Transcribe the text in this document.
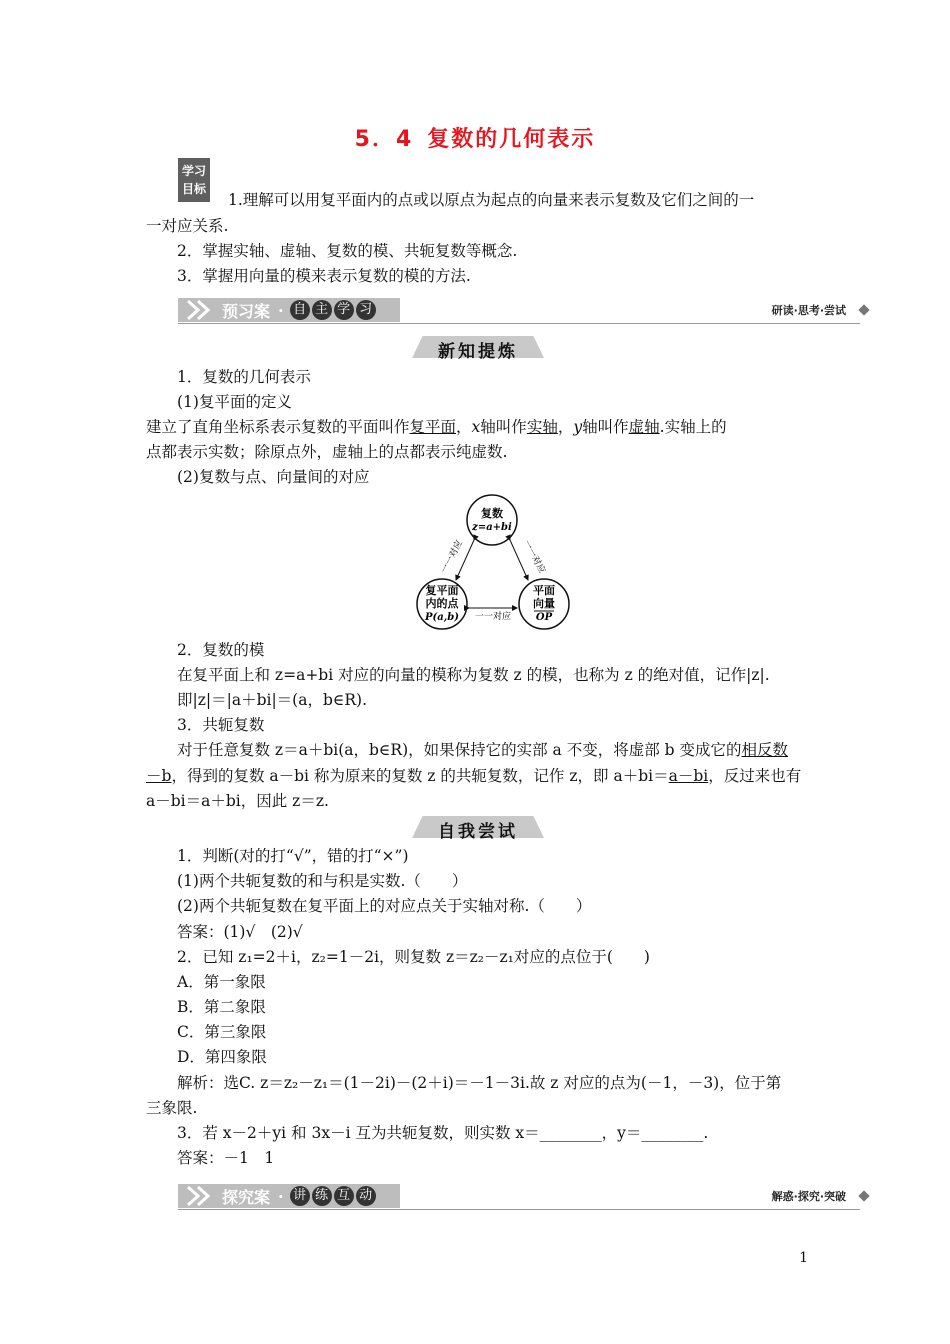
5．4 复数的几何表示
学习
目标
1.理解可以用复平面内的点或以原点为起点的向量来表示复数及它们之间的一
一对应关系.
2．掌握实轴、虚轴、复数的模、共轭复数等概念.
3．掌握用向量的模来表示复数的模的方法.
预习案 · 自 主 学 习	研读·思考·尝试
新知提炼
1．复数的几何表示
(1)复平面的定义
建立了直角坐标系表示复数的平面叫作复平面，x轴叫作实轴，y轴叫作虚轴.实轴上的
点都表示实数；除原点外，虚轴上的点都表示纯虚数.
(2)复数与点、向量间的对应
复数
z=a+bi
复平面
内的点
P(a,b)
平面
向量
OP
一一对应	一一对应
一一对应
2．复数的模
在复平面上和 z=a+bi 对应的向量的模称为复数 z 的模，也称为 z 的绝对值，记作|z|.
即|z|＝|a＋bi|＝(a，b∈R).
3．共轭复数
对于任意复数 z＝a＋bi(a，b∈R)，如果保持它的实部 a 不变，将虚部 b 变成它的相反数
－b，得到的复数 a－bi 称为原来的复数 z 的共轭复数，记作 z，即 a＋bi＝a－bi，反过来也有
a－bi＝a＋bi，因此 z＝z.
自我尝试
1．判断(对的打“√”，错的打“×”)
(1)两个共轭复数的和与积是实数.（　　）
(2)两个共轭复数在复平面上的对应点关于实轴对称.（　　）
答案：(1)√　(2)√
2．已知 z₁=2＋i，z₂=1－2i，则复数 z＝z₂－z₁对应的点位于(　　)
A．第一象限
B．第二象限
C．第三象限
D．第四象限
解析：选C. z＝z₂－z₁＝(1－2i)－(2＋i)＝－1－3i.故 z 对应的点为(－1，－3)，位于第
三象限.
3．若 x－2＋yi 和 3x－i 互为共轭复数，则实数 x＝________，y＝________.
答案：－1　1
探究案 · 讲 练 互 动	解惑·探究·突破
1
